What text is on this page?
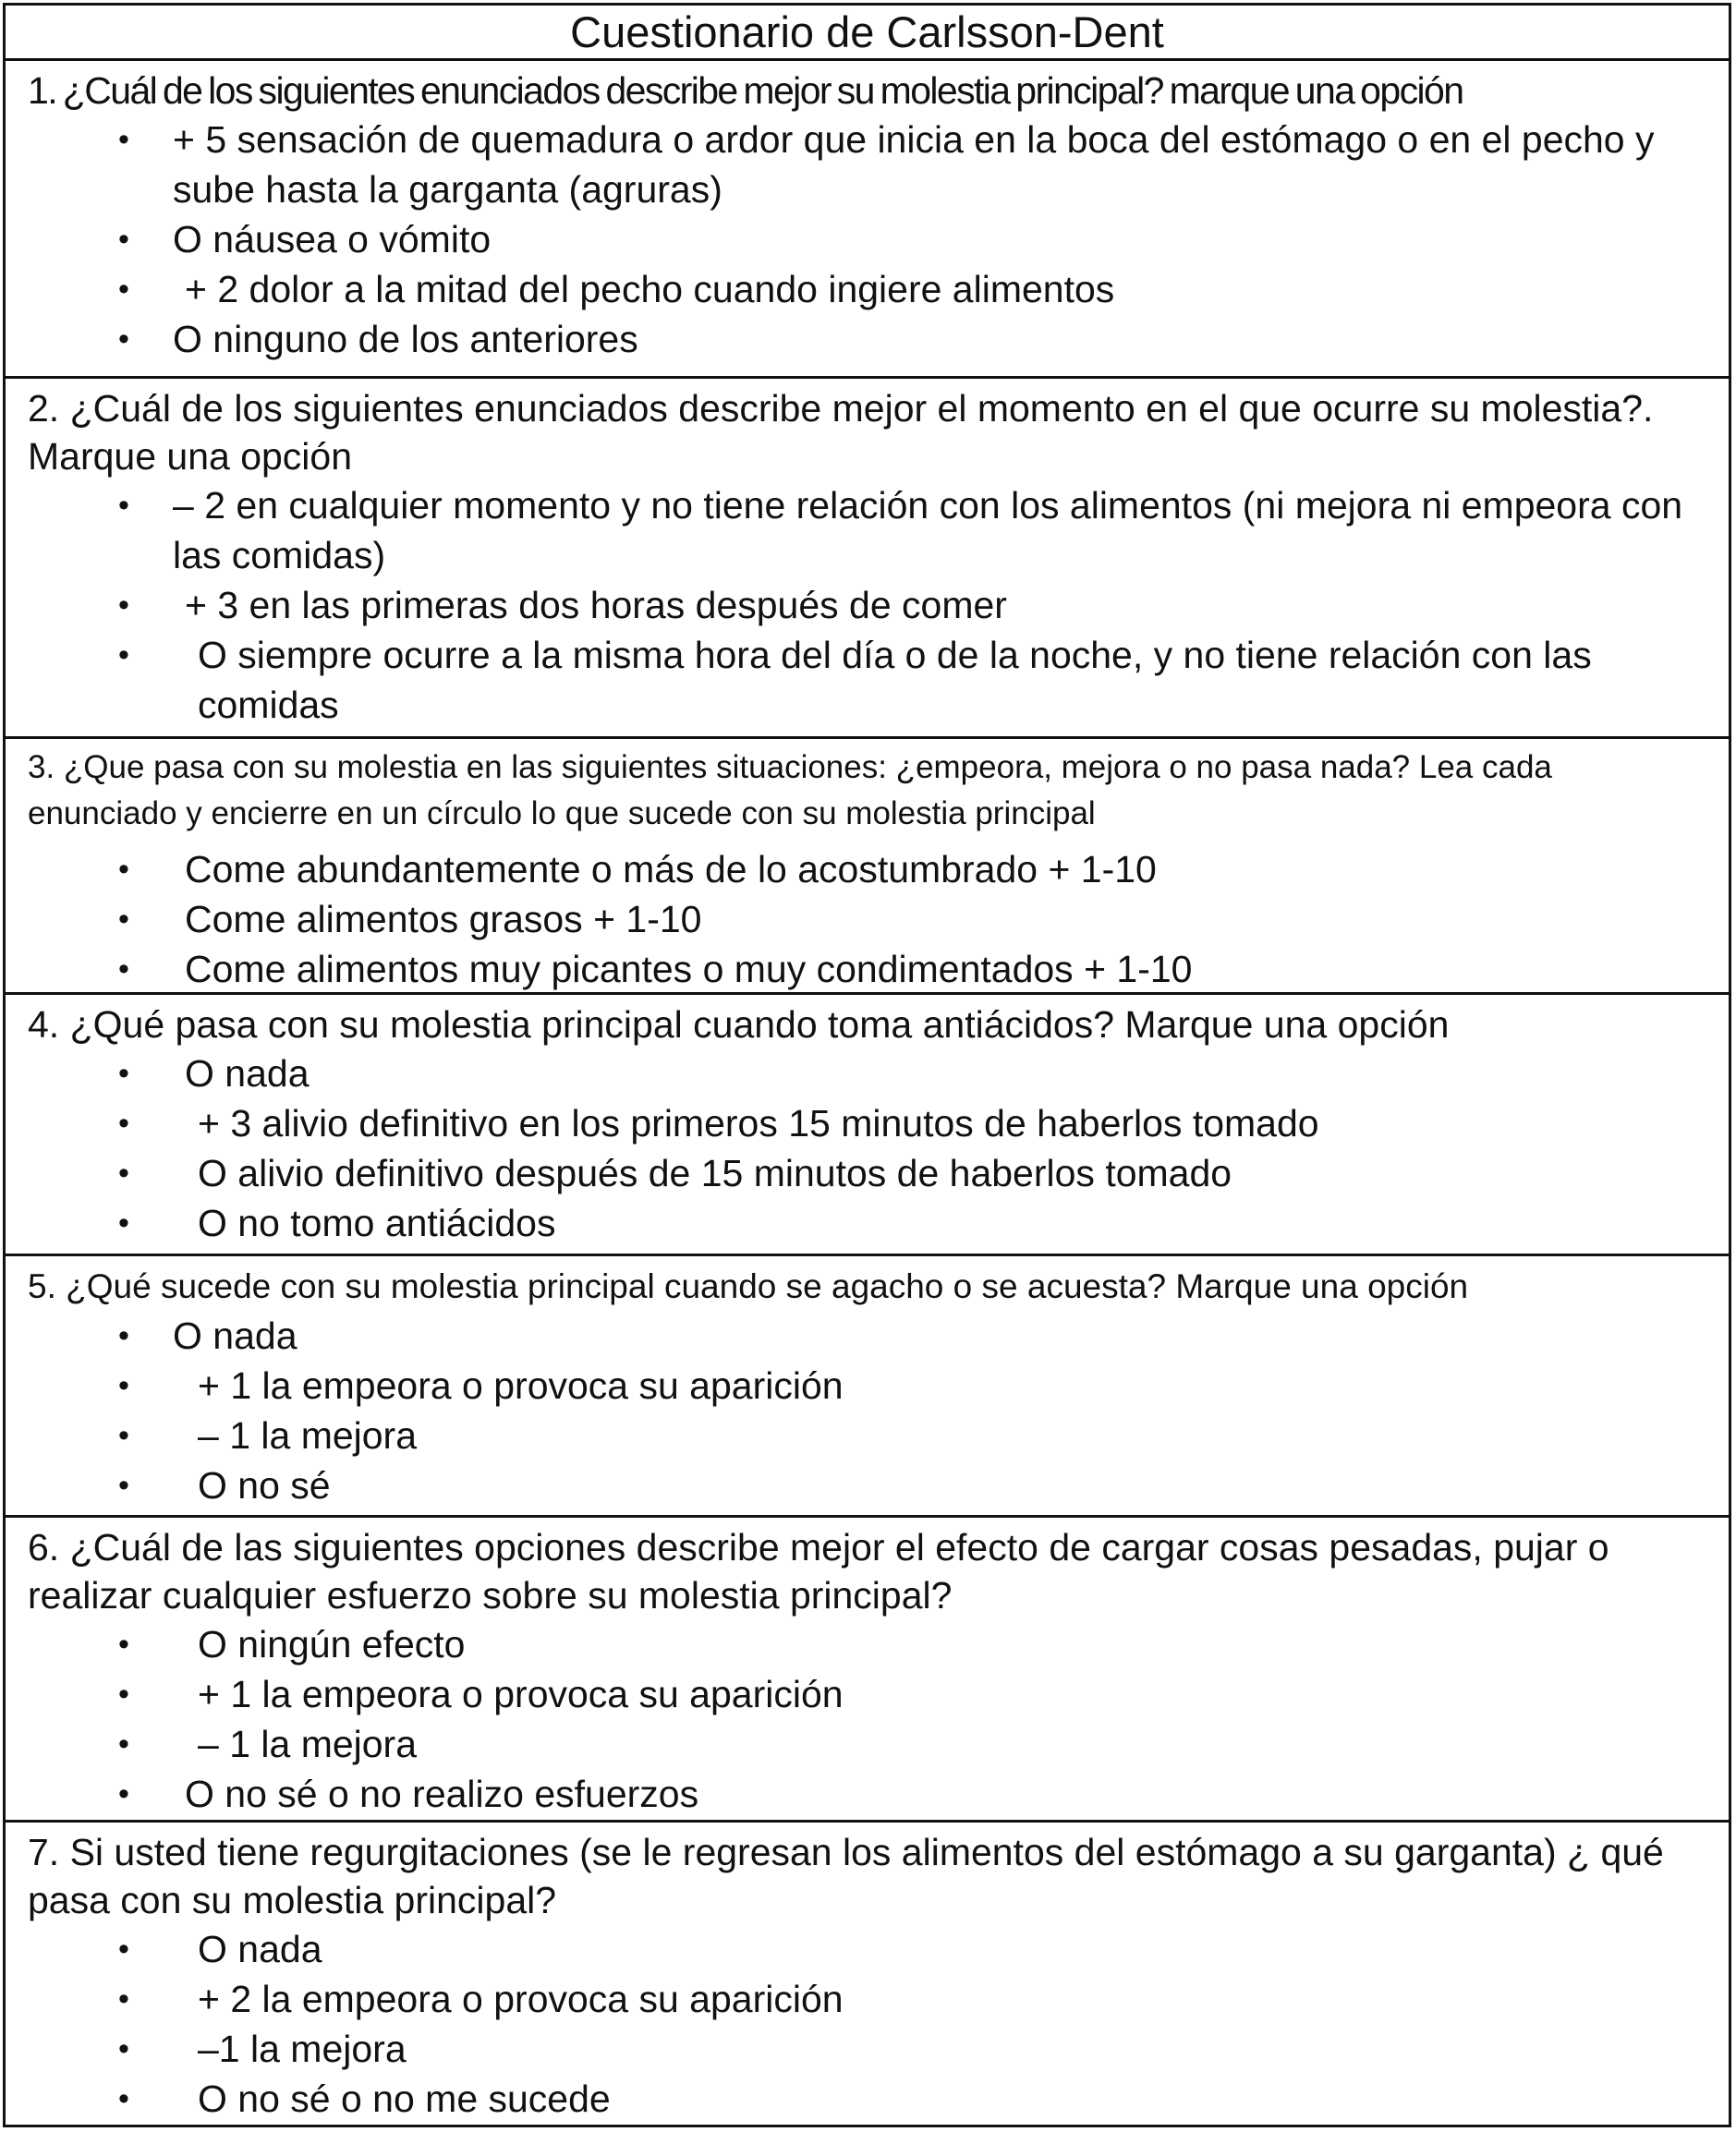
Cuestionario de Carlsson-Dent
1. ¿Cuál de los siguientes enunciados describe mejor su molestia principal? marque una opción
• + 5 sensación de quemadura o ardor que inicia en la boca del estómago o en el pecho y sube hasta la garganta (agruras)
• O náusea o vómito
• + 2 dolor a la mitad del pecho cuando ingiere alimentos
• O ninguno de los anteriores
2. ¿Cuál de los siguientes enunciados describe mejor el momento en el que ocurre su molestia?. Marque una opción
• – 2 en cualquier momento y no tiene relación con los alimentos (ni mejora ni empeora con las comidas)
• + 3 en las primeras dos horas después de comer
• O siempre ocurre a la misma hora del día o de la noche, y no tiene relación con las comidas
3. ¿Que pasa con su molestia en las siguientes situaciones: ¿empeora, mejora o no pasa nada? Lea cada enunciado y encierre en un círculo lo que sucede con su molestia principal
• Come abundantemente o más de lo acostumbrado + 1-10
• Come alimentos grasos + 1-10
• Come alimentos muy picantes o muy condimentados + 1-10
4. ¿Qué pasa con su molestia principal cuando toma antiácidos? Marque una opción
• O nada
• + 3 alivio definitivo en los primeros 15 minutos de haberlos tomado
• O alivio definitivo después de 15 minutos de haberlos tomado
• O no tomo antiácidos
5. ¿Qué sucede con su molestia principal cuando se agacho o se acuesta? Marque una opción
• O nada
• + 1 la empeora o provoca su aparición
• – 1 la mejora
• O no sé
6. ¿Cuál de las siguientes opciones describe mejor el efecto de cargar cosas pesadas, pujar o realizar cualquier esfuerzo sobre su molestia principal?
• O ningún efecto
• + 1 la empeora o provoca su aparición
• – 1 la mejora
• O no sé o no realizo esfuerzos
7. Si usted tiene regurgitaciones (se le regresan los alimentos del estómago a su garganta) ¿ qué pasa con su molestia principal?
• O nada
• + 2 la empeora o provoca su aparición
• –1 la mejora
• O no sé o no me sucede
